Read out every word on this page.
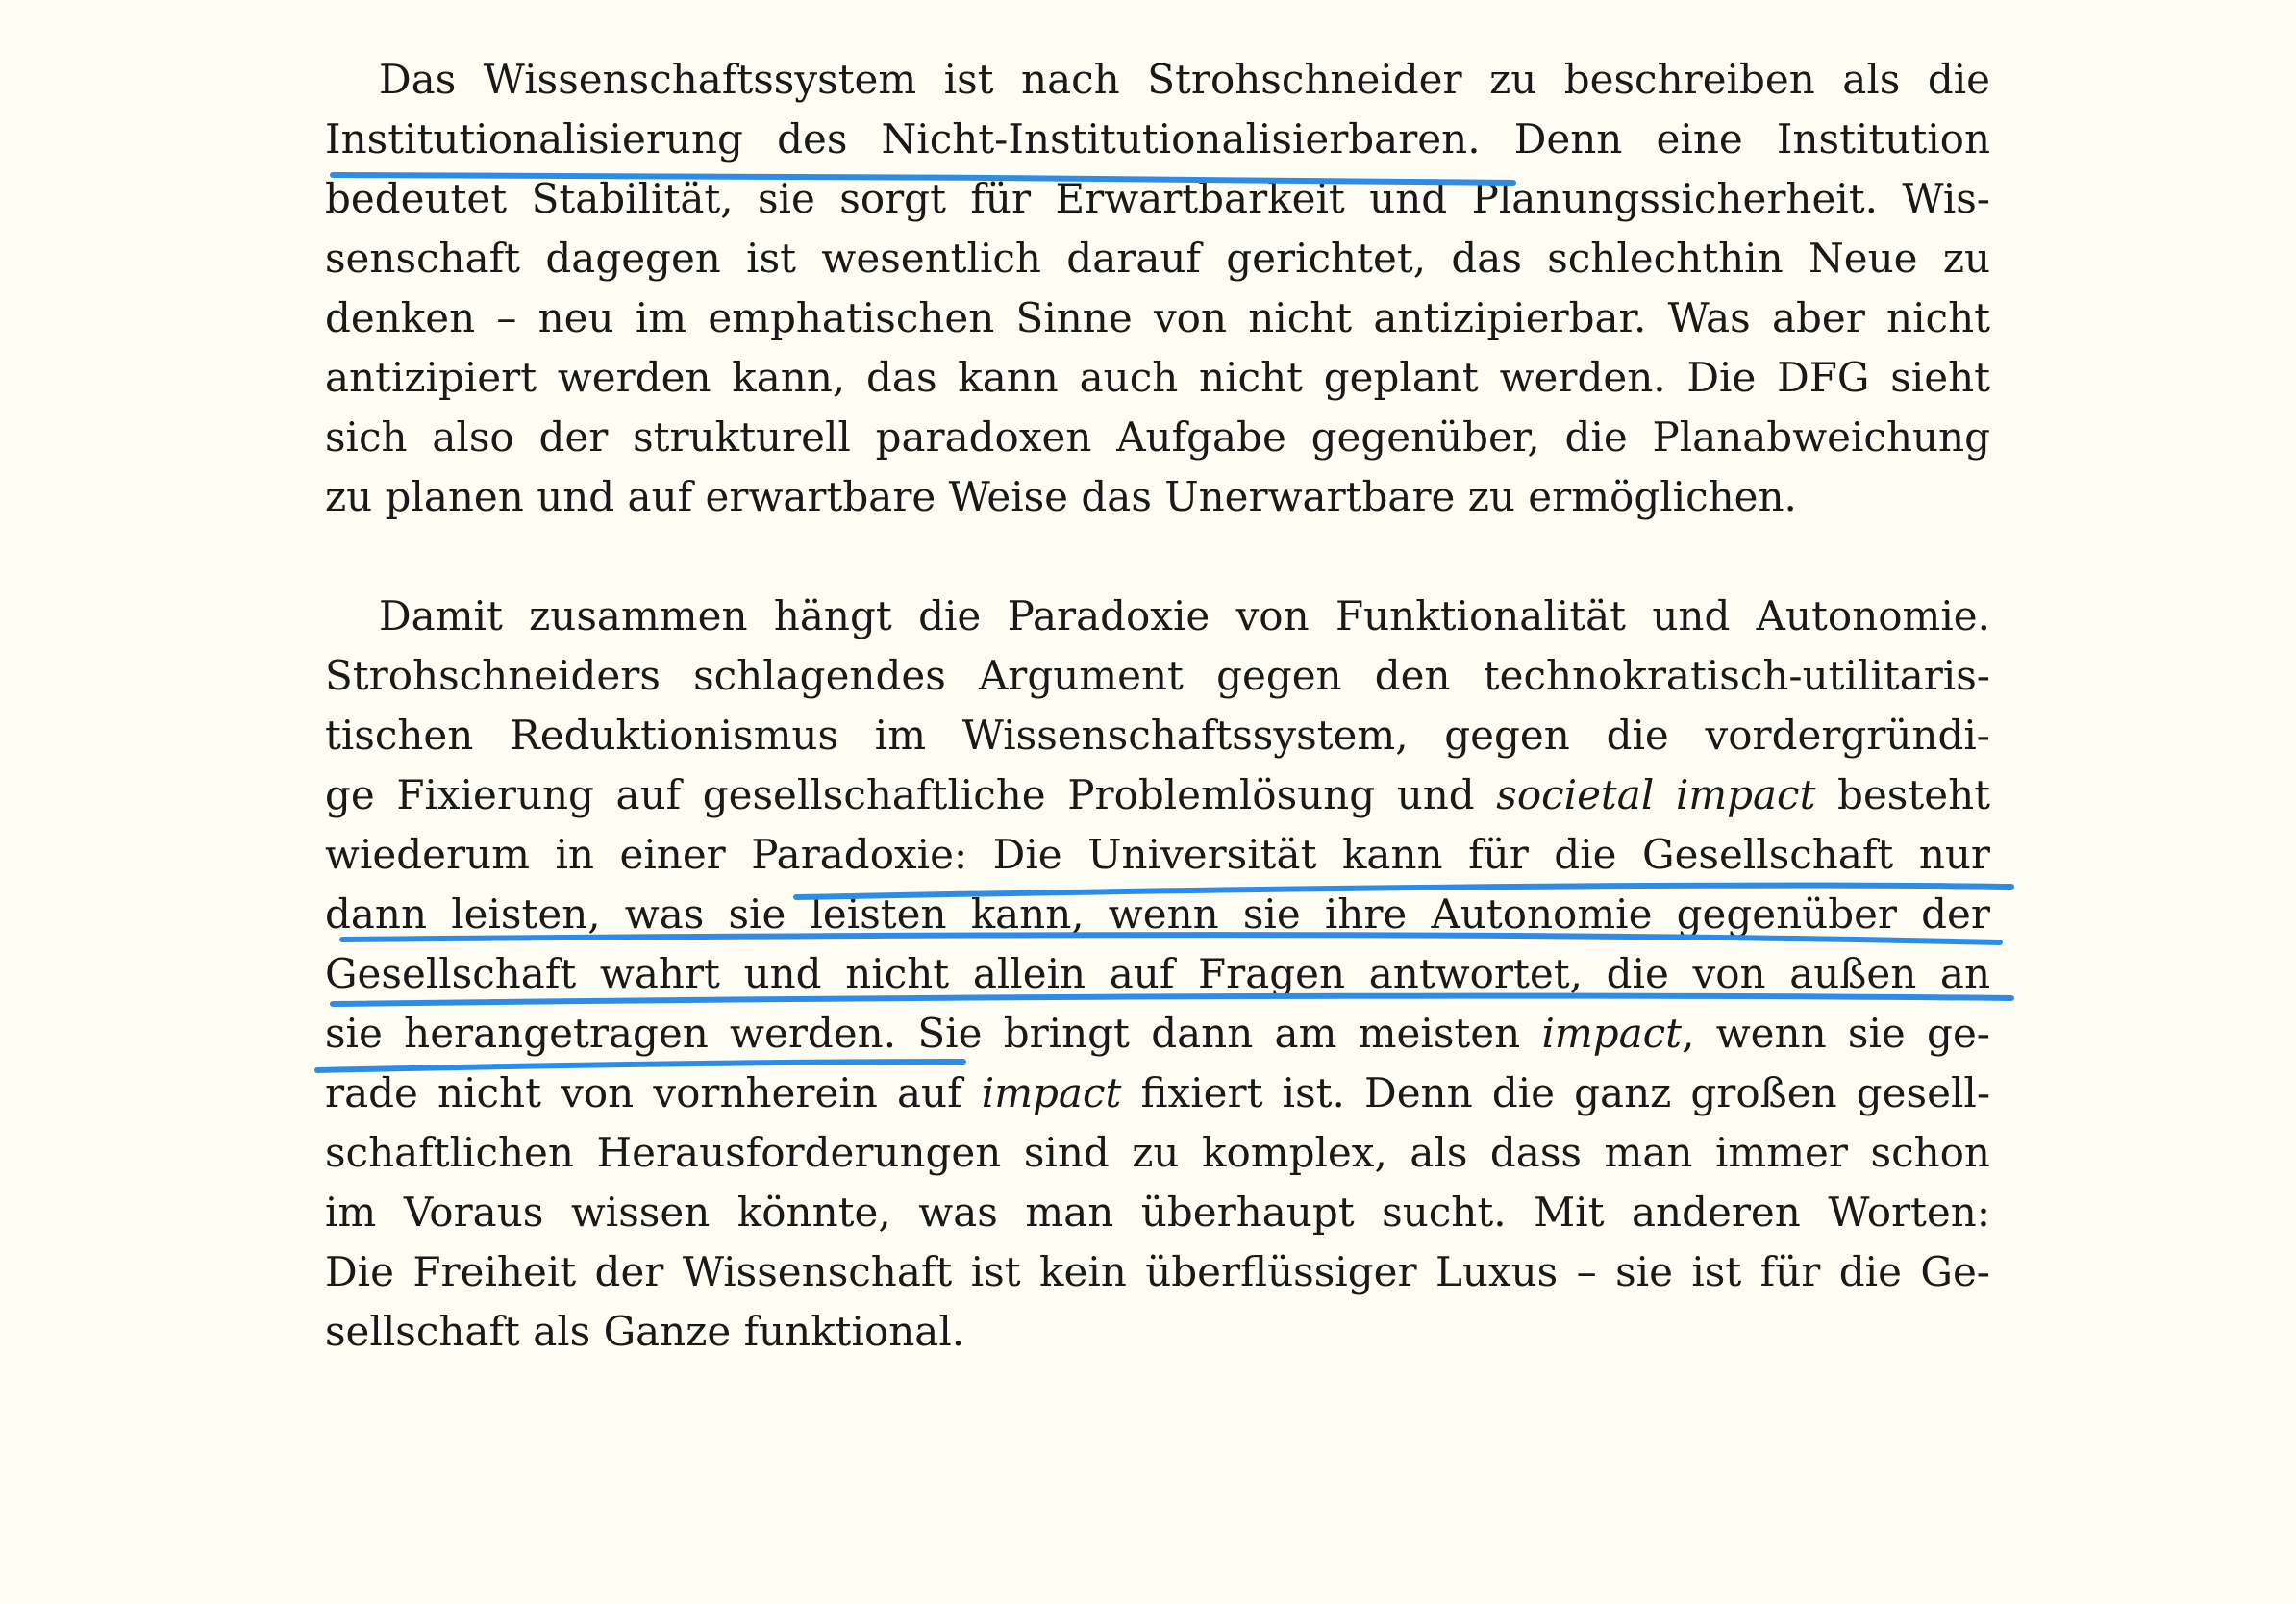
Das Wissenschaftssystem ist nach Strohschneider zu beschreiben als die
Institutionalisierung des Nicht-Institutionalisierbaren. Denn eine Institution
bedeutet Stabilität, sie sorgt für Erwartbarkeit und Planungssicherheit. Wis-
senschaft dagegen ist wesentlich darauf gerichtet, das schlechthin Neue zu
denken – neu im emphatischen Sinne von nicht antizipierbar. Was aber nicht
antizipiert werden kann, das kann auch nicht geplant werden. Die DFG sieht
sich also der strukturell paradoxen Aufgabe gegenüber, die Planabweichung
zu planen und auf erwartbare Weise das Unerwartbare zu ermöglichen.
Damit zusammen hängt die Paradoxie von Funktionalität und Autonomie.
Strohschneiders schlagendes Argument gegen den technokratisch-utilitaris-
tischen Reduktionismus im Wissenschaftssystem, gegen die vordergründi-
ge Fixierung auf gesellschaftliche Problemlösung und societal impact besteht
wiederum in einer Paradoxie: Die Universität kann für die Gesellschaft nur
dann leisten, was sie leisten kann, wenn sie ihre Autonomie gegenüber der
Gesellschaft wahrt und nicht allein auf Fragen antwortet, die von außen an
sie herangetragen werden. Sie bringt dann am meisten impact, wenn sie ge-
rade nicht von vornherein auf impact fixiert ist. Denn die ganz großen gesell-
schaftlichen Herausforderungen sind zu komplex, als dass man immer schon
im Voraus wissen könnte, was man überhaupt sucht. Mit anderen Worten:
Die Freiheit der Wissenschaft ist kein überflüssiger Luxus – sie ist für die Ge-
sellschaft als Ganze funktional.
